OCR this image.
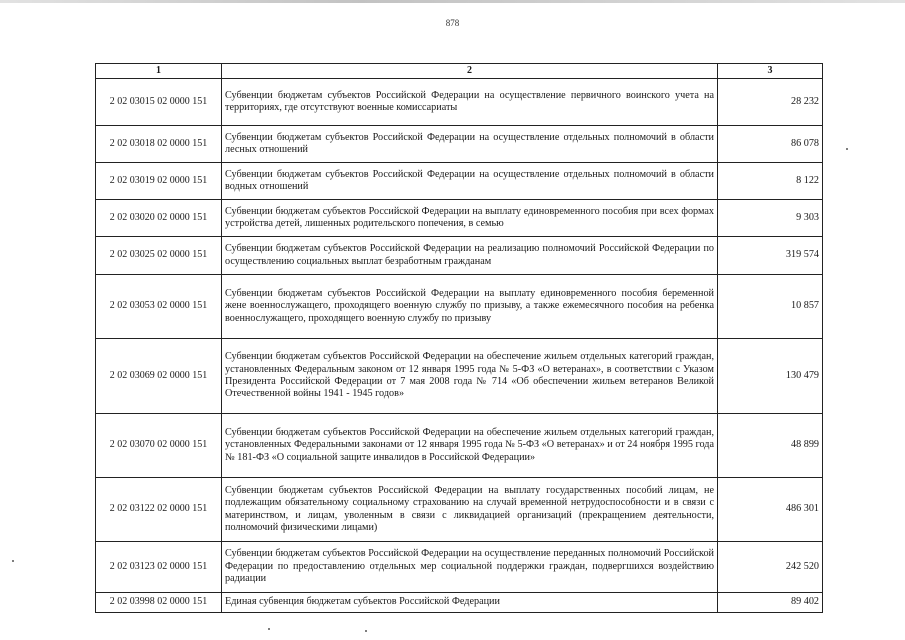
878
1	2	3
2 02 03015 02 0000 151	Субвенции бюджетам субъектов Российской Федерации на осуществление первичного воинского учета на территориях, где отсутствуют военные комиссариаты	28 232
2 02 03018 02 0000 151	Субвенции бюджетам субъектов Российской Федерации на осуществление отдельных полномочий в области лесных отношений	86 078
2 02 03019 02 0000 151	Субвенции бюджетам субъектов Российской Федерации на осуществление отдельных полномочий в области водных отношений	8 122
2 02 03020 02 0000 151	Субвенции бюджетам субъектов Российской Федерации на выплату единовременного пособия при всех формах устройства детей, лишенных родительского попечения, в семью	9 303
2 02 03025 02 0000 151	Субвенции бюджетам субъектов Российской Федерации на реализацию полномочий Российской Федерации по осуществлению социальных выплат безработным гражданам	319 574
2 02 03053 02 0000 151	Субвенции бюджетам субъектов Российской Федерации на выплату единовременного пособия беременной жене военнослужащего, проходящего военную службу по призыву, а также ежемесячного пособия на ребенка военнослужащего, проходящего военную службу по призыву	10 857
2 02 03069 02 0000 151	Субвенции бюджетам субъектов Российской Федерации на обеспечение жильем отдельных категорий граждан, установленных Федеральным законом от 12 января 1995 года № 5-ФЗ «О ветеранах», в соответствии с Указом Президента Российской Федерации от 7 мая 2008 года № 714 «Об обеспечении жильем ветеранов Великой Отечественной войны 1941 - 1945 годов»	130 479
2 02 03070 02 0000 151	Субвенции бюджетам субъектов Российской Федерации на обеспечение жильем отдельных категорий граждан, установленных Федеральными законами от 12 января 1995 года № 5-ФЗ «О ветеранах» и от 24 ноября 1995 года № 181-ФЗ «О социальной защите инвалидов в Российской Федерации»	48 899
2 02 03122 02 0000 151	Субвенции бюджетам субъектов Российской Федерации на выплату государственных пособий лицам, не подлежащим обязательному социальному страхованию на случай временной нетрудоспособности и в связи с материнством, и лицам, уволенным в связи с ликвидацией организаций (прекращением деятельности, полномочий физическими лицами)	486 301
2 02 03123 02 0000 151	Субвенции бюджетам субъектов Российской Федерации на осуществление переданных полномочий Российской Федерации по предоставлению отдельных мер социальной поддержки граждан, подвергшихся воздействию радиации	242 520
2 02 03998 02 0000 151	Единая субвенция бюджетам субъектов Российской Федерации	89 402
